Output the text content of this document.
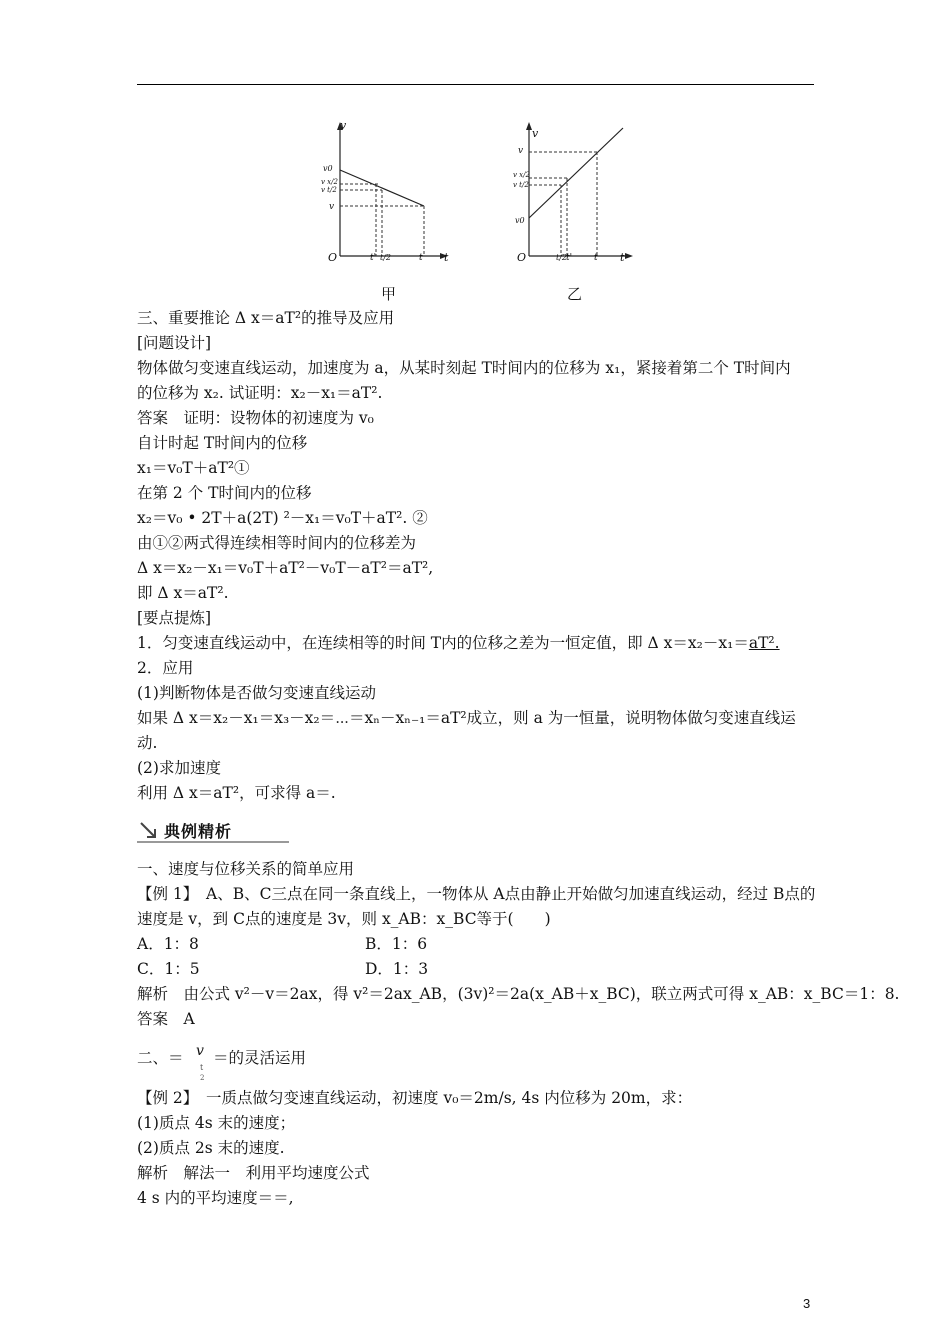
v
t
O
v0
v x/2
v t/2
v
t' t/2	t
甲
v
t
O
v
v x/2
v t/2
v0
t/2 t' t
乙
三、重要推论 Δ x＝aT²的推导及应用
[问题设计]
物体做匀变速直线运动，加速度为 a，从某时刻起 T时间内的位移为 x₁，紧接着第二个 T时间内
的位移为 x₂. 试证明：x₂－x₁＝aT².
答案　证明：设物体的初速度为 v₀
自计时起 T时间内的位移
x₁＝v₀T＋aT²①
在第 2 个 T时间内的位移
x₂＝v₀ • 2T＋a(2T) ²－x₁＝v₀T＋aT². ②
由①②两式得连续相等时间内的位移差为
Δ x＝x₂－x₁＝v₀T＋aT²－v₀T－aT²＝aT²,
即 Δ x＝aT².
[要点提炼]
1．匀变速直线运动中，在连续相等的时间 T内的位移之差为一恒定值，即 Δ x＝x₂－x₁＝aT².
2．应用
(1)判断物体是否做匀变速直线运动
如果 Δ x＝x₂－x₁＝x₃－x₂＝⋯＝xₙ－xₙ₋₁＝aT²成立，则 a 为一恒量，说明物体做匀变速直线运
动.
(2)求加速度
利用 Δ x＝aT²，可求得 a＝.
典例精析
一、速度与位移关系的简单应用
【例 1】　A、B、C三点在同一条直线上，一物体从 A点由静止开始做匀加速直线运动，经过 B点的
速度是 v，到 C点的速度是 3v，则 x_AB：x_BC等于(　　)
A．1：8	B．1：6
C．1：5	D．1：3
解析　由公式 v²－v＝2ax，得 v²＝2ax_AB，(3v)²＝2a(x_AB＋x_BC)，联立两式可得 x_AB：x_BC＝1：8.
答案　A
二、＝ v
t
2
＝的灵活运用
【例 2】　一质点做匀变速直线运动，初速度 v₀＝2m/s, 4s 内位移为 20m，求：
(1)质点 4s 末的速度；
(2)质点 2s 末的速度.
解析　解法一　利用平均速度公式
4 s 内的平均速度＝＝,
3
